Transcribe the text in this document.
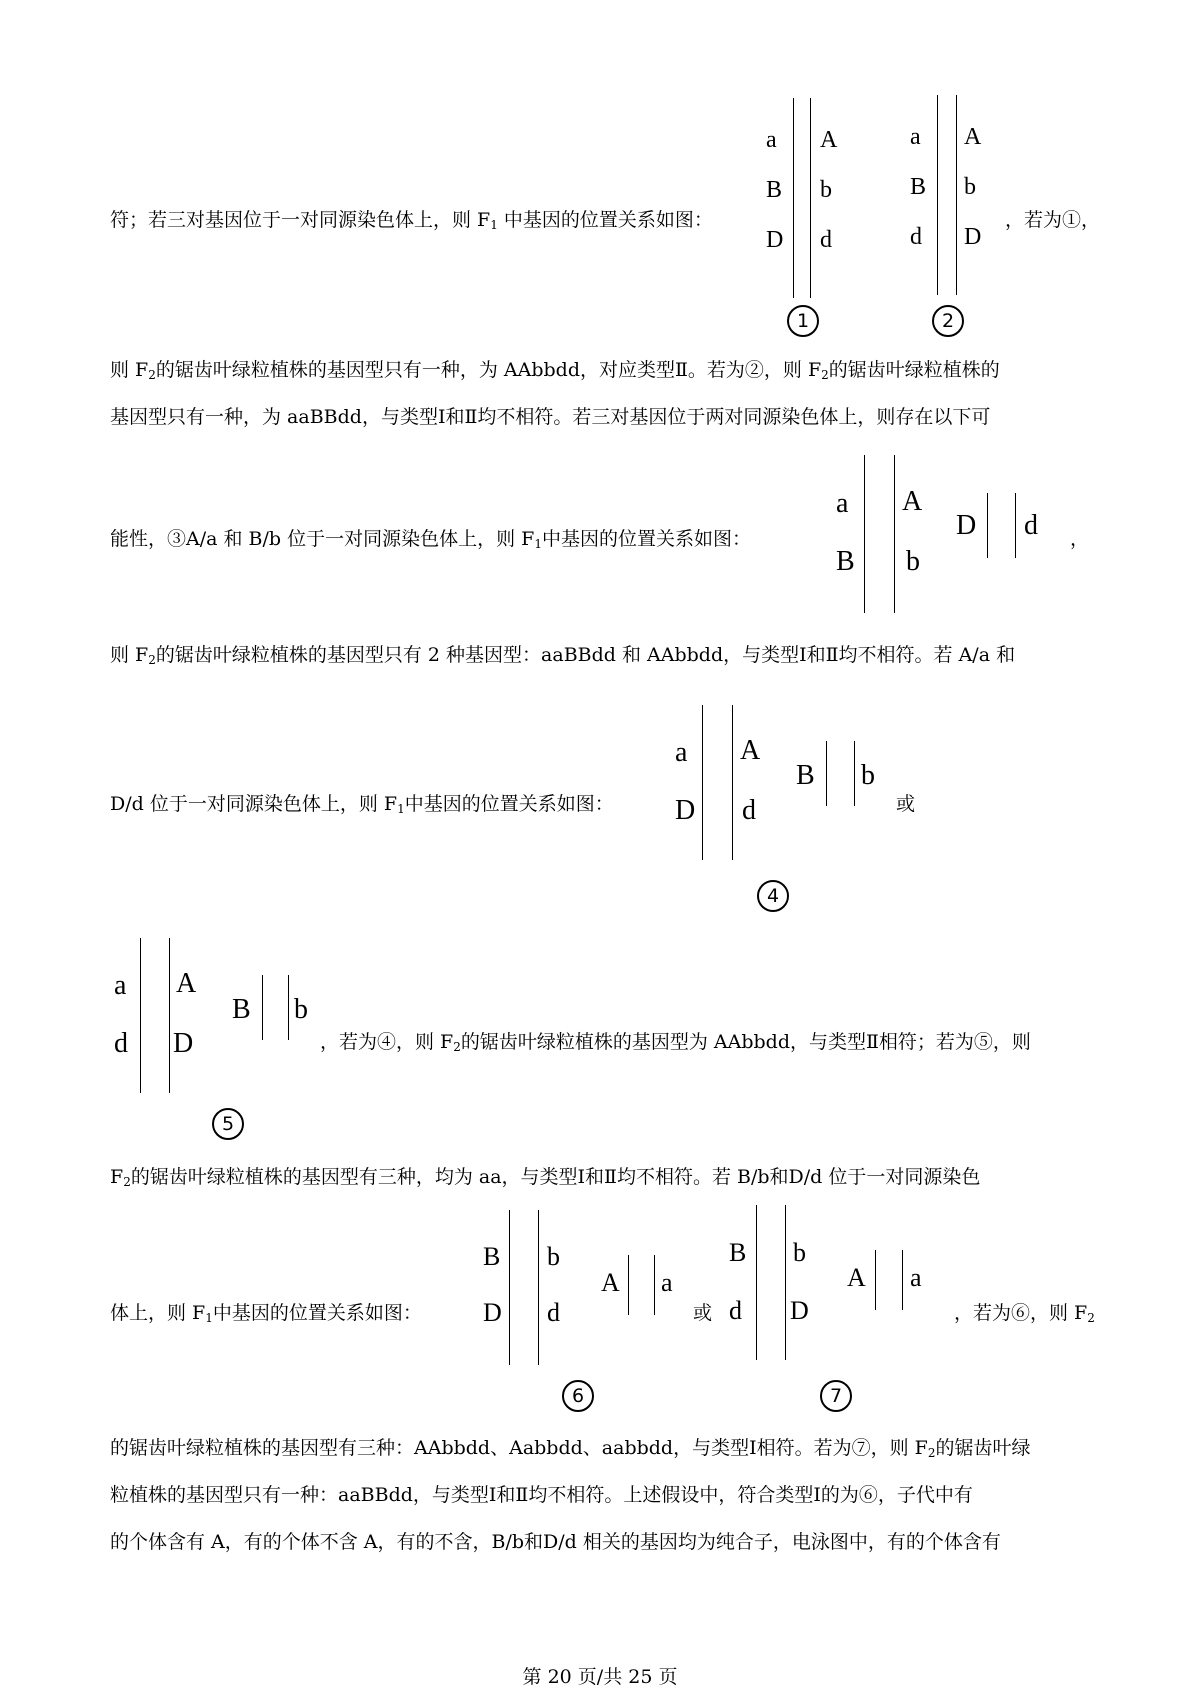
符；若三对基因位于一对同源染色体上，则 $F_1$ 中基因的位置关系如图：
a
B
D
A
b
d
1
a
B
d
A
b
D
2
，若为①，
则 $F_2$的锯齿叶绿粒植株的基因型只有一种，为 AAbbdd，对应类型Ⅱ。若为②，则 $F_2$的锯齿叶绿粒植株的
基因型只有一种，为 aaBBdd，与类型Ⅰ和Ⅱ均不相符。若三对基因位于两对同源染色体上，则存在以下可
能性，③A/a 和 B/b 位于一对同源染色体上，则 $F_1$中基因的位置关系如图：
a
B
A
b
D d ，
则 $F_2$的锯齿叶绿粒植株的基因型只有 2 种基因型：aaBBdd 和 AAbbdd，与类型Ⅰ和Ⅱ均不相符。若 A/a 和
D/d 位于一对同源染色体上，则 $F_1$中基因的位置关系如图：
a
D
A
d
B b
4
或
a
d
A
D
B b
5
，若为④，则 $F_2$的锯齿叶绿粒植株的基因型为 AAbbdd，与类型Ⅱ相符；若为⑤，则
$F_2$的锯齿叶绿粒植株的基因型有三种，均为 aa，与类型Ⅰ和Ⅱ均不相符。若 B/b和D/d 位于一对同源染色
体上，则 $F_1$中基因的位置关系如图：
B
D
b
d
A a
6
或
B
d
b
D
A a
7
，若为⑥，则 $F_2$
的锯齿叶绿粒植株的基因型有三种：AAbbdd、Aabbdd、aabbdd，与类型Ⅰ相符。若为⑦，则 $F_2$的锯齿叶绿
粒植株的基因型只有一种：aaBBdd，与类型Ⅰ和Ⅱ均不相符。上述假设中，符合类型Ⅰ的为⑥，子代中有
的个体含有 A，有的个体不含 A，有的不含，B/b和D/d 相关的基因均为纯合子，电泳图中，有的个体含有
第 20 页/共 25 页
